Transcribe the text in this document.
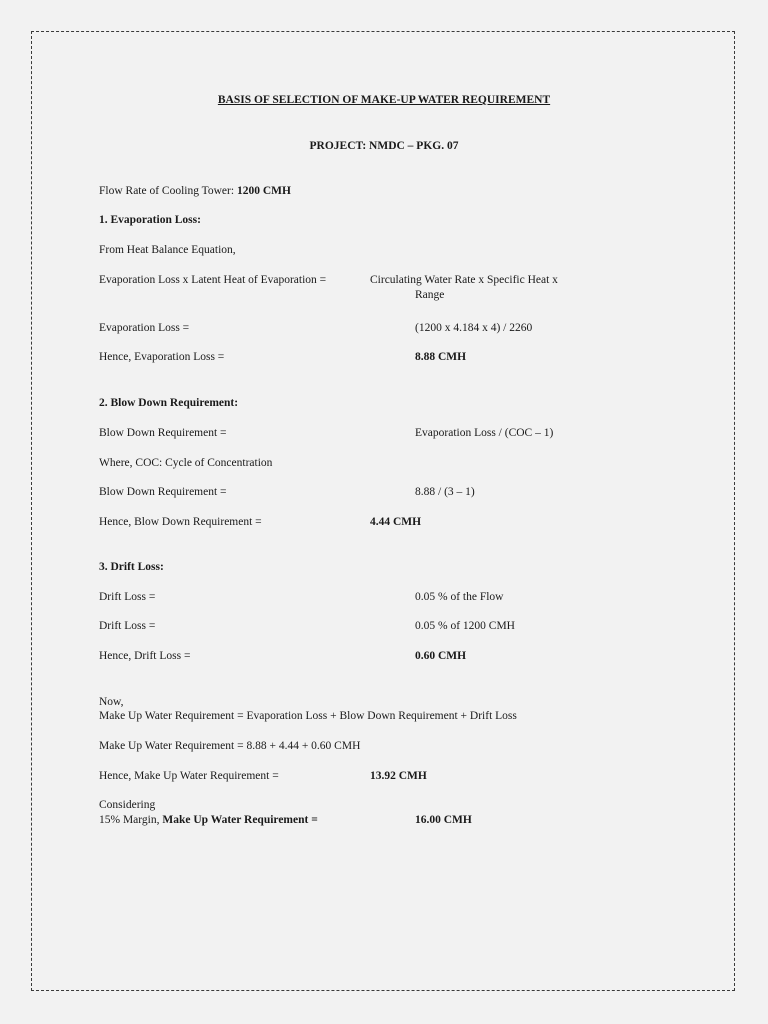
BASIS OF SELECTION OF MAKE-UP WATER REQUIREMENT
PROJECT: NMDC – PKG. 07
Flow Rate of Cooling Tower: 1200 CMH
1. Evaporation Loss:
From Heat Balance Equation,
Evaporation Loss x Latent Heat of Evaporation =	Circulating Water Rate x Specific Heat x
Range
Evaporation Loss =	(1200 x 4.184 x 4) / 2260
Hence, Evaporation Loss =	8.88 CMH
2. Blow Down Requirement:
Blow Down Requirement =	Evaporation Loss / (COC – 1)
Where, COC: Cycle of Concentration
Blow Down Requirement =	8.88 / (3 – 1)
Hence, Blow Down Requirement =	4.44 CMH
3. Drift Loss:
Drift Loss =	0.05 % of the Flow
Drift Loss =	0.05 % of 1200 CMH
Hence, Drift Loss =	0.60 CMH
Now,
Make Up Water Requirement = Evaporation Loss + Blow Down Requirement + Drift Loss
Make Up Water Requirement = 8.88 + 4.44 + 0.60 CMH
Hence, Make Up Water Requirement =	13.92 CMH
Considering
15% Margin, Make Up Water Requirement =	16.00 CMH
